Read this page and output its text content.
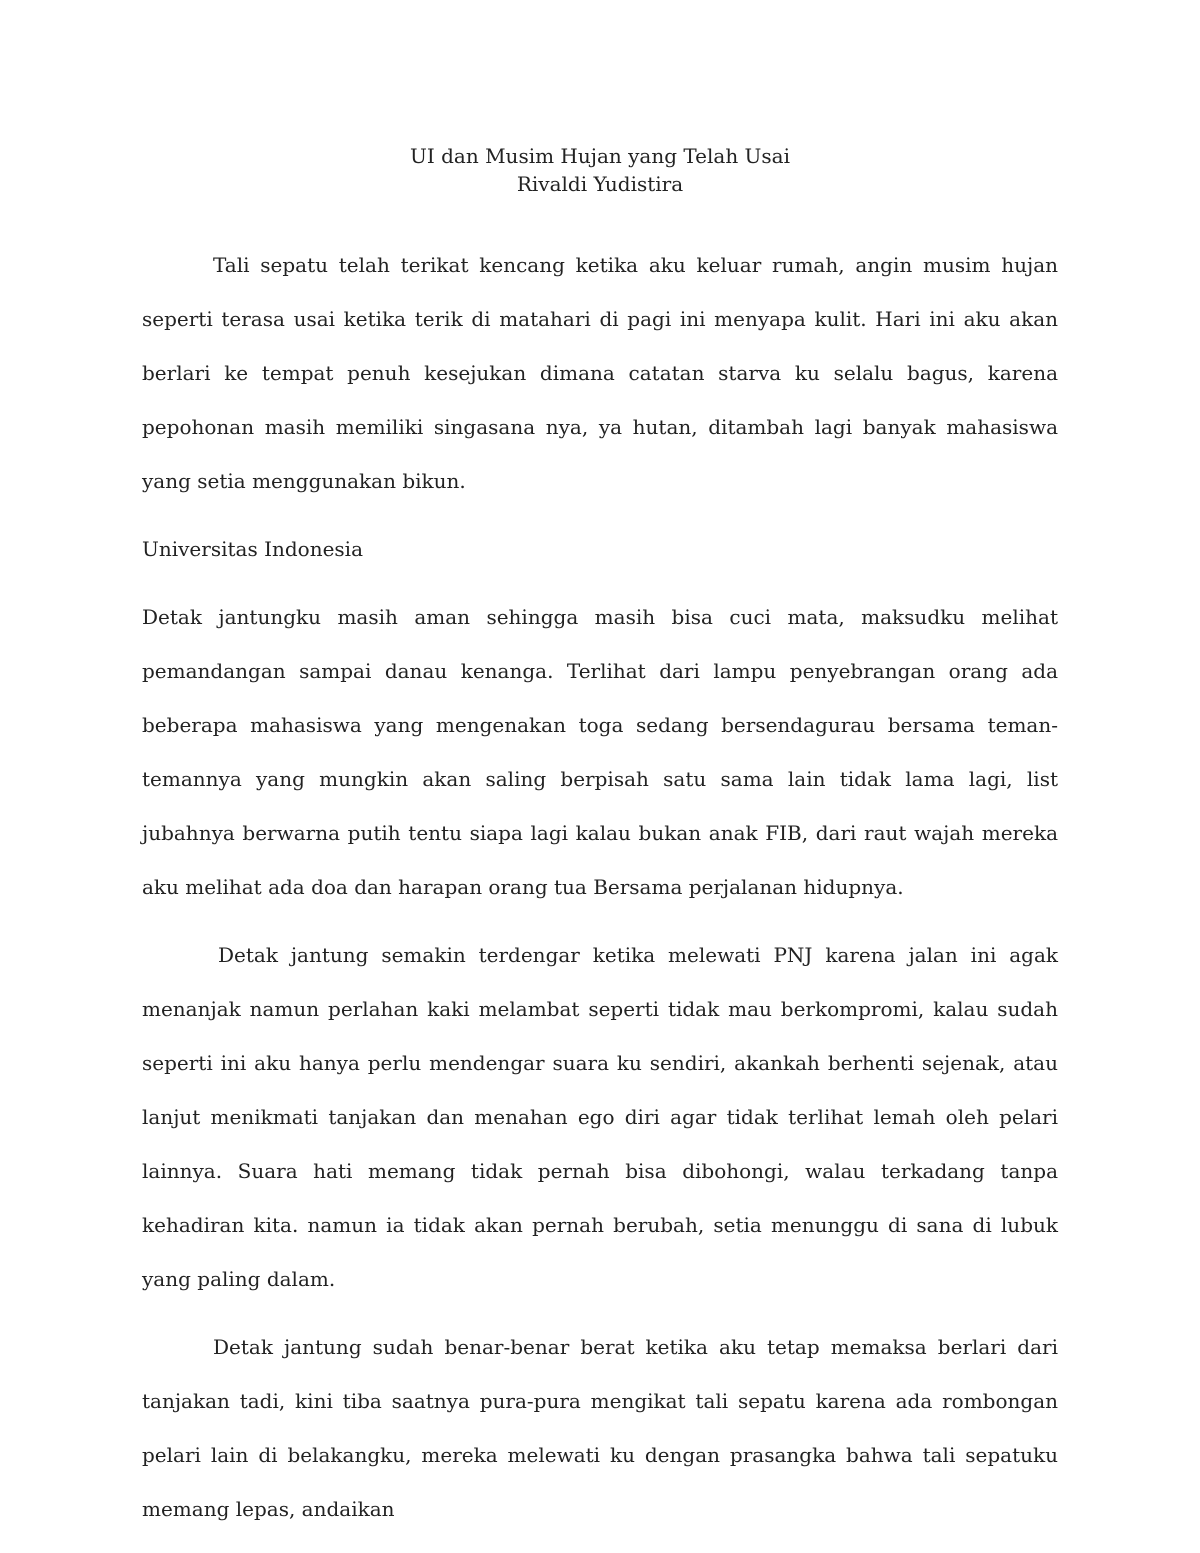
UI dan Musim Hujan yang Telah Usai
Rivaldi Yudistira

Tali sepatu telah terikat kencang ketika aku keluar rumah, angin musim hujan seperti terasa usai ketika terik di matahari di pagi ini menyapa kulit. Hari ini aku akan berlari ke tempat penuh kesejukan dimana catatan starva ku selalu bagus, karena pepohonan masih memiliki singasana nya, ya hutan, ditambah lagi banyak mahasiswa yang setia menggunakan bikun.

Universitas Indonesia

Detak jantungku masih aman sehingga masih bisa cuci mata, maksudku melihat pemandangan sampai danau kenanga. Terlihat dari lampu penyebrangan orang ada beberapa mahasiswa yang mengenakan toga sedang bersendagurau bersama teman-temannya yang mungkin akan saling berpisah satu sama lain tidak lama lagi, list jubahnya berwarna putih tentu siapa lagi kalau bukan anak FIB, dari raut wajah mereka aku melihat ada doa dan harapan orang tua Bersama perjalanan hidupnya.

Detak jantung semakin terdengar ketika melewati PNJ karena jalan ini agak menanjak namun perlahan kaki melambat seperti tidak mau berkompromi, kalau sudah seperti ini aku hanya perlu mendengar suara ku sendiri, akankah berhenti sejenak, atau lanjut menikmati tanjakan dan menahan ego diri agar tidak terlihat lemah oleh pelari lainnya. Suara hati memang tidak pernah bisa dibohongi, walau terkadang tanpa kehadiran kita. namun ia tidak akan pernah berubah, setia menunggu di sana di lubuk yang paling dalam.

Detak jantung sudah benar-benar berat ketika aku tetap memaksa berlari dari tanjakan tadi, kini tiba saatnya pura-pura mengikat tali sepatu karena ada rombongan pelari lain di belakangku, mereka melewati ku dengan prasangka bahwa tali sepatuku memang lepas, andaikan
